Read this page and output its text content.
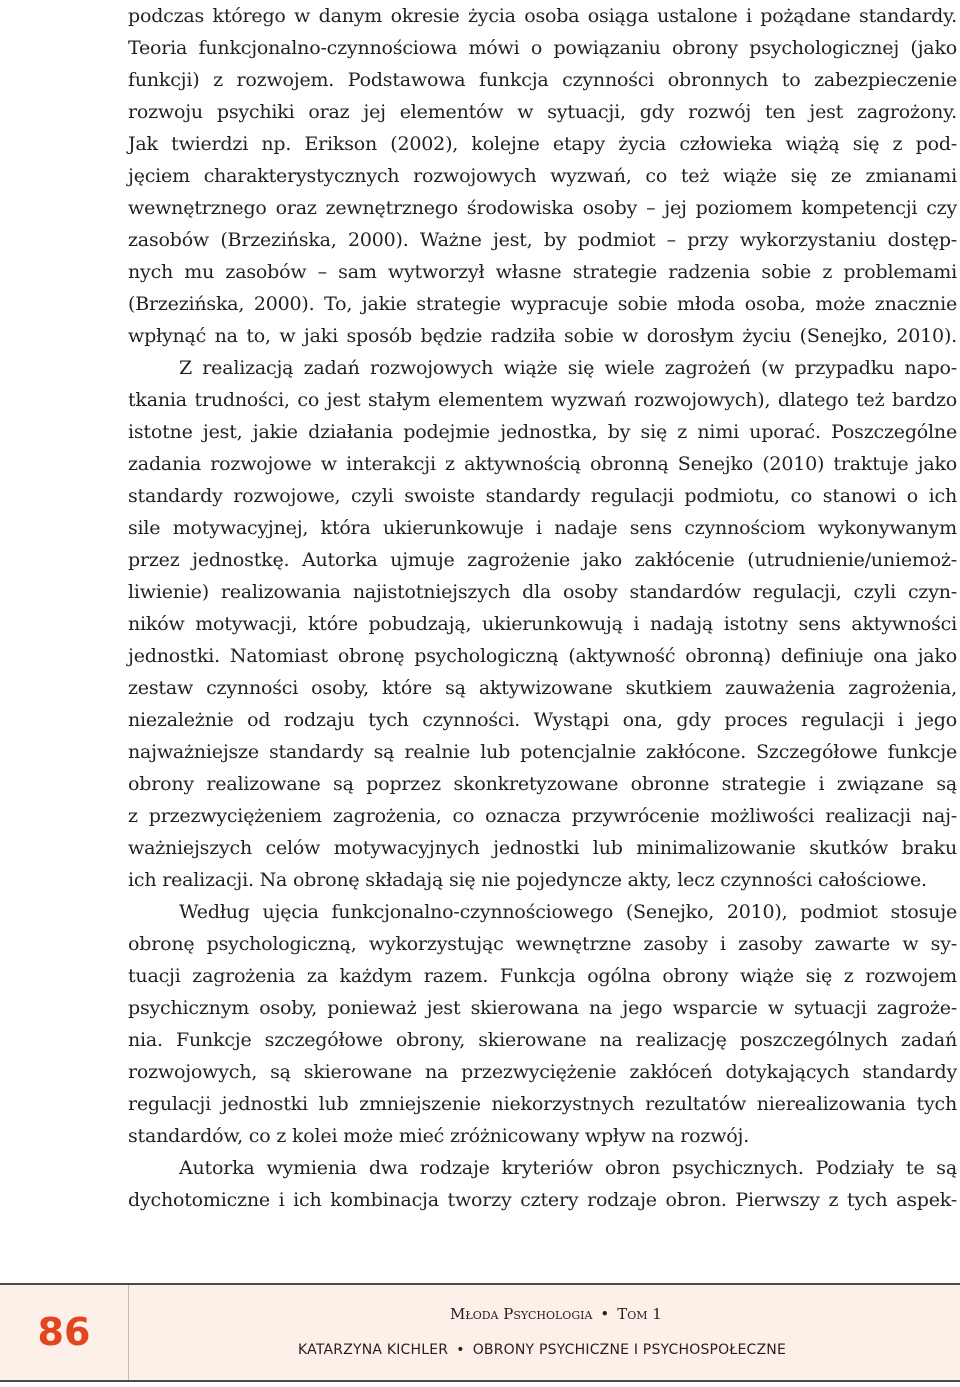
podczas którego w danym okresie życia osoba osiąga ustalone i pożądane standardy.
Teoria funkcjonalno-czynnościowa mówi o powiązaniu obrony psychologicznej (jako
funkcji) z rozwojem. Podstawowa funkcja czynności obronnych to zabezpieczenie
rozwoju psychiki oraz jej elementów w sytuacji, gdy rozwój ten jest zagrożony.
Jak twierdzi np. Erikson (2002), kolejne etapy życia człowieka wiążą się z pod-
jęciem charakterystycznych rozwojowych wyzwań, co też wiąże się ze zmianami
wewnętrznego oraz zewnętrznego środowiska osoby – jej poziomem kompetencji czy
zasobów (Brzezińska, 2000). Ważne jest, by podmiot – przy wykorzystaniu dostęp-
nych mu zasobów – sam wytworzył własne strategie radzenia sobie z problemami
(Brzezińska, 2000). To, jakie strategie wypracuje sobie młoda osoba, może znacznie
wpłynąć na to, w jaki sposób będzie radziła sobie w dorosłym życiu (Senejko, 2010).
Z realizacją zadań rozwojowych wiąże się wiele zagrożeń (w przypadku napo-
tkania trudności, co jest stałym elementem wyzwań rozwojowych), dlatego też bardzo
istotne jest, jakie działania podejmie jednostka, by się z nimi uporać. Poszczególne
zadania rozwojowe w interakcji z aktywnością obronną Senejko (2010) traktuje jako
standardy rozwojowe, czyli swoiste standardy regulacji podmiotu, co stanowi o ich
sile motywacyjnej, która ukierunkowuje i nadaje sens czynnościom wykonywanym
przez jednostkę. Autorka ujmuje zagrożenie jako zakłócenie (utrudnienie/uniemoż-
liwienie) realizowania najistotniejszych dla osoby standardów regulacji, czyli czyn-
ników motywacji, które pobudzają, ukierunkowują i nadają istotny sens aktywności
jednostki. Natomiast obronę psychologiczną (aktywność obronną) definiuje ona jako
zestaw czynności osoby, które są aktywizowane skutkiem zauważenia zagrożenia,
niezależnie od rodzaju tych czynności. Wystąpi ona, gdy proces regulacji i jego
najważniejsze standardy są realnie lub potencjalnie zakłócone. Szczegółowe funkcje
obrony realizowane są poprzez skonkretyzowane obronne strategie i związane są
z przezwyciężeniem zagrożenia, co oznacza przywrócenie możliwości realizacji naj-
ważniejszych celów motywacyjnych jednostki lub minimalizowanie skutków braku
ich realizacji. Na obronę składają się nie pojedyncze akty, lecz czynności całościowe.
Według ujęcia funkcjonalno-czynnościowego (Senejko, 2010), podmiot stosuje
obronę psychologiczną, wykorzystując wewnętrzne zasoby i zasoby zawarte w sy-
tuacji zagrożenia za każdym razem. Funkcja ogólna obrony wiąże się z rozwojem
psychicznym osoby, ponieważ jest skierowana na jego wsparcie w sytuacji zagroże-
nia. Funkcje szczegółowe obrony, skierowane na realizację poszczególnych zadań
rozwojowych, są skierowane na przezwyciężenie zakłóceń dotykających standardy
regulacji jednostki lub zmniejszenie niekorzystnych rezultatów nierealizowania tych
standardów, co z kolei może mieć zróżnicowany wpływ na rozwój.
Autorka wymienia dwa rodzaje kryteriów obron psychicznych. Podziały te są
dychotomiczne i ich kombinacja tworzy cztery rodzaje obron. Pierwszy z tych aspek-
86	Młoda Psychologia • Tom 1
KATARZYNA KICHLER • OBRONY PSYCHICZNE I PSYCHOSPOŁECZNE
